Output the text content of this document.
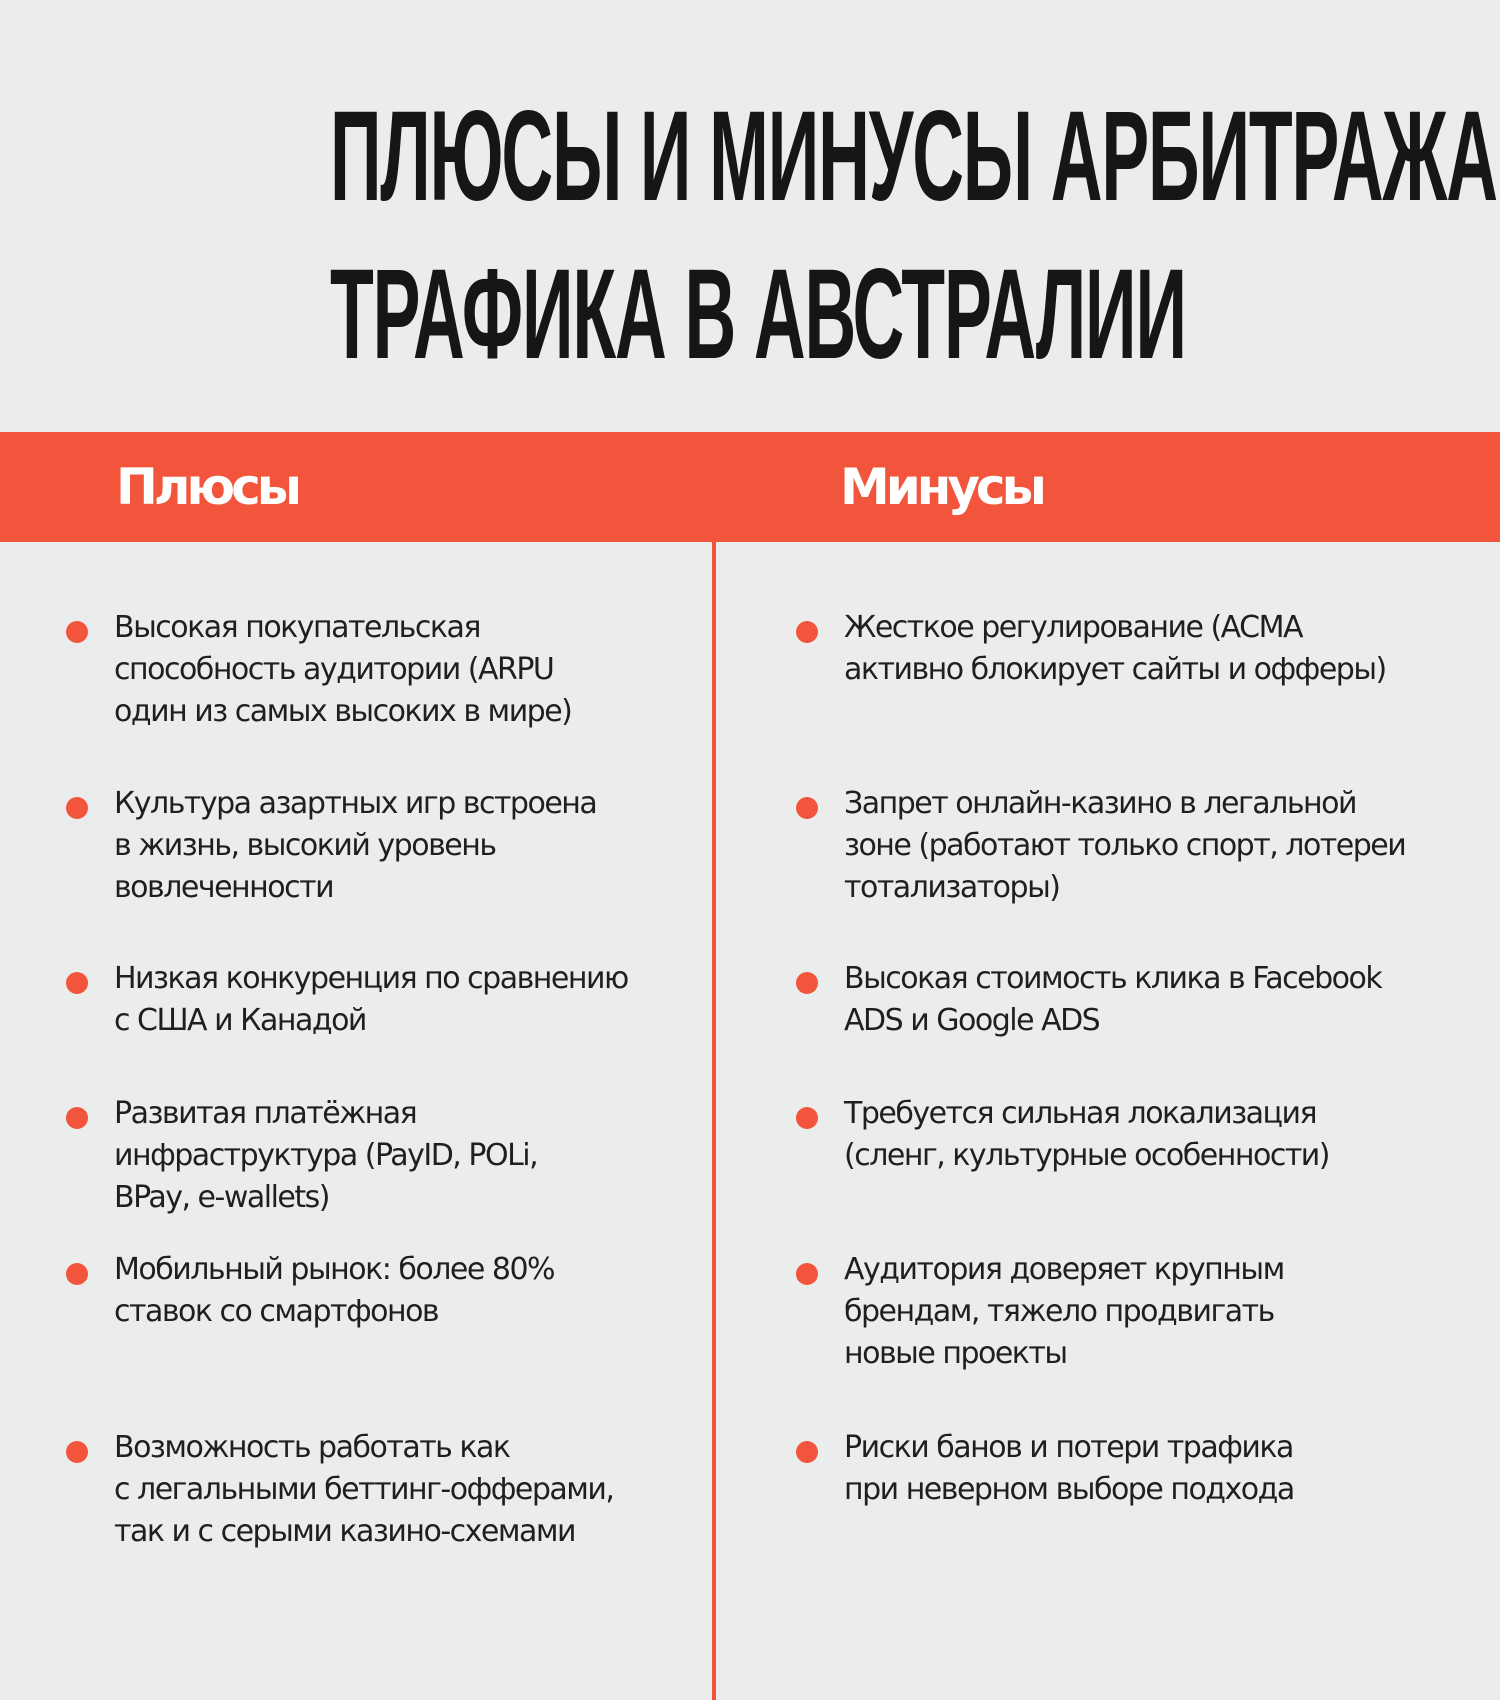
ПЛЮСЫ И МИНУСЫ АРБИТРАЖА
ТРАФИКА В АВСТРАЛИИ
Плюсы	Минусы
Высокая покупательская
способность аудитории (ARPU
один из самых высоких в мире)
Культура азартных игр встроена
в жизнь, высокий уровень
вовлеченности
Низкая конкуренция по сравнению
с США и Канадой
Развитая платёжная
инфраструктура (PayID, POLi,
BPay, e-wallets)
Мобильный рынок: более 80%
ставок со смартфонов
Возможность работать как
с легальными беттинг-офферами,
так и с серыми казино-схемами
Жесткое регулирование (ACMA
активно блокирует сайты и офферы)
Запрет онлайн-казино в легальной
зоне (работают только спорт, лотереи
тотализаторы)
Высокая стоимость клика в Facebook
ADS и Google ADS
Требуется сильная локализация
(сленг, культурные особенности)
Аудитория доверяет крупным
брендам, тяжело продвигать
новые проекты
Риски банов и потери трафика
при неверном выборе подхода
